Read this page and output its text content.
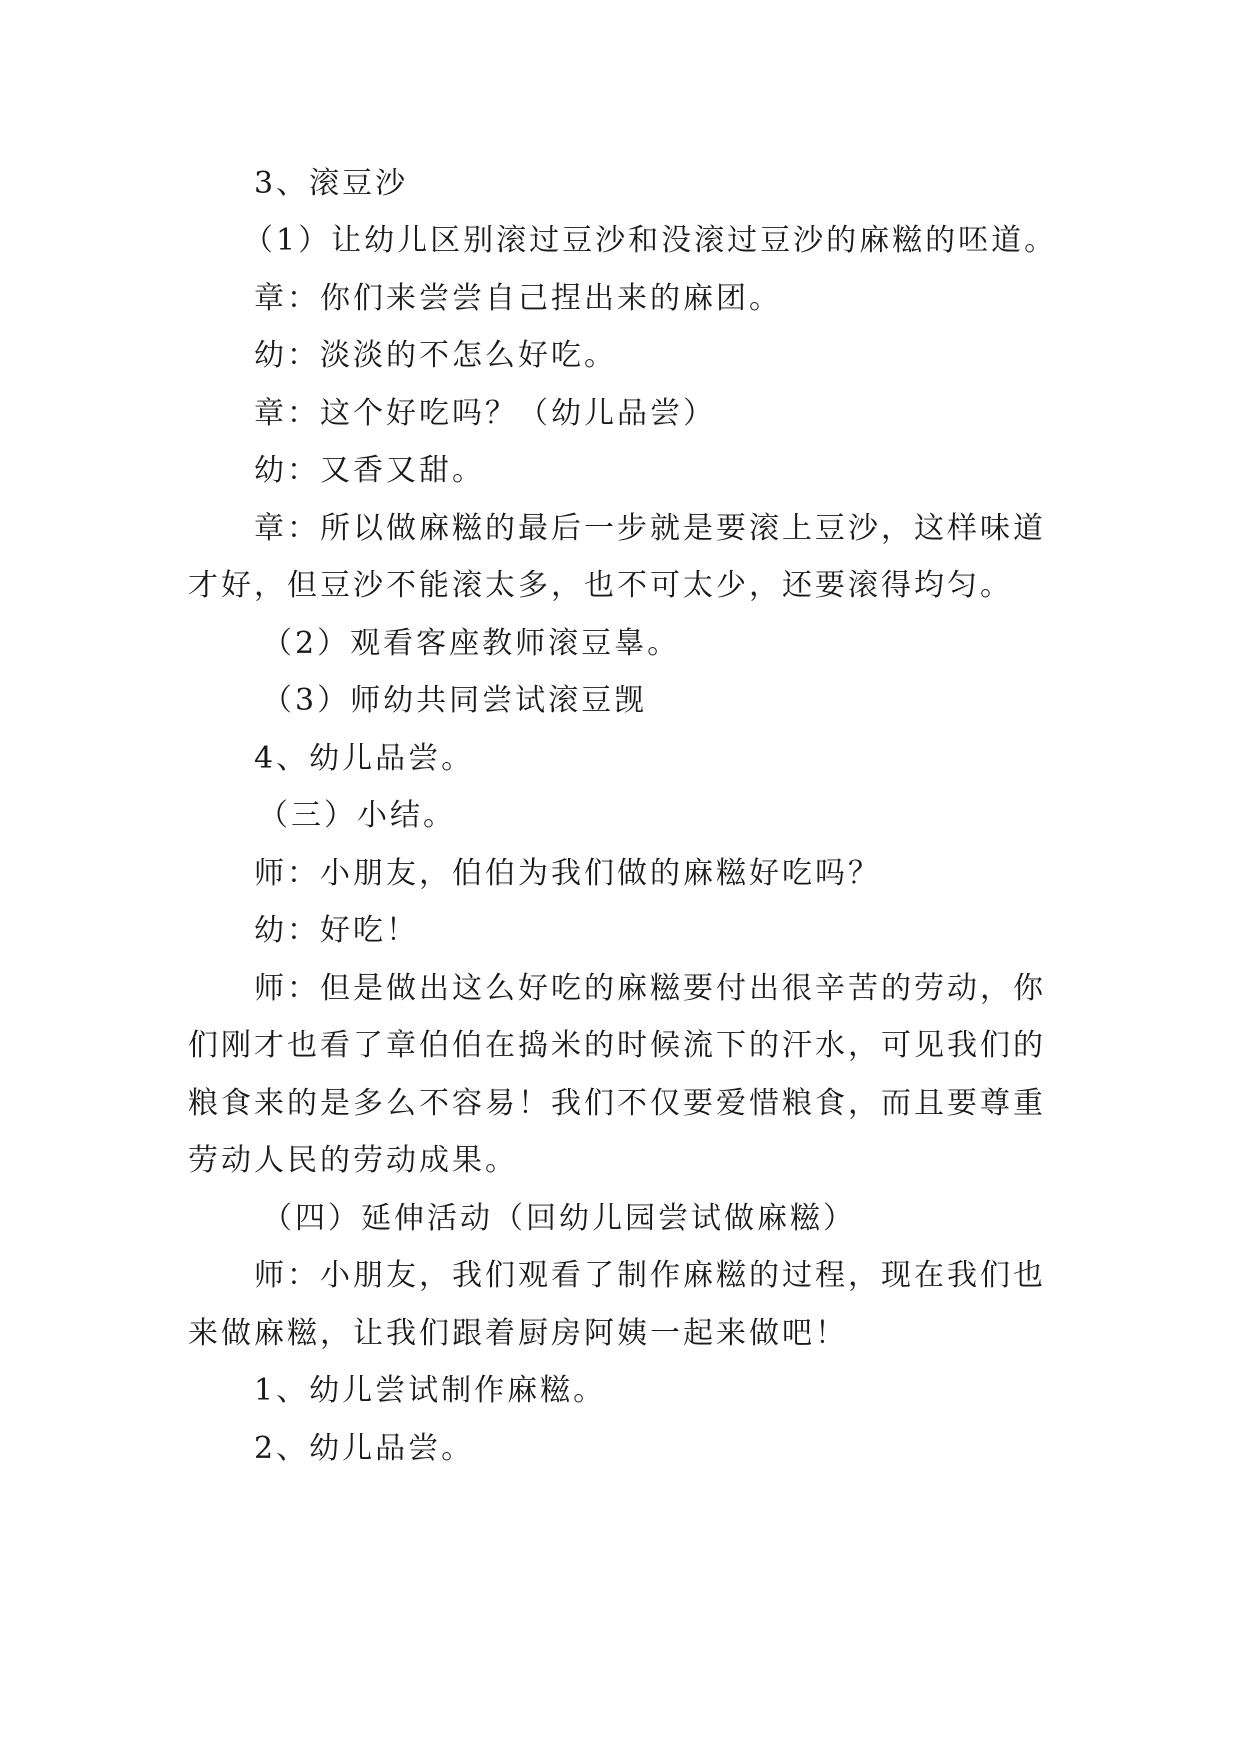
3、滚豆沙
（1）让幼儿区别滚过豆沙和没滚过豆沙的麻糍的呸道。
章：你们来尝尝自己捏出来的麻团。
幼：淡淡的不怎么好吃。
章：这个好吃吗？（幼儿品尝）
幼：又香又甜。
章：所以做麻糍的最后一步就是要滚上豆沙，这样味道
才好，但豆沙不能滚太多，也不可太少，还要滚得均匀。
（2）观看客座教师滚豆辠。
（3）师幼共同尝试滚豆觊
4、幼儿品尝。
（三）小结。
师：小朋友，伯伯为我们做的麻糍好吃吗？
幼：好吃！
师：但是做出这么好吃的麻糍要付出很辛苦的劳动，你
们刚才也看了章伯伯在捣米的时候流下的汗水，可见我们的
粮食来的是多么不容易！我们不仅要爱惜粮食，而且要尊重
劳动人民的劳动成果。
（四）延伸活动（回幼儿园尝试做麻糍）
师：小朋友，我们观看了制作麻糍的过程，现在我们也
来做麻糍，让我们跟着厨房阿姨一起来做吧！
1、幼儿尝试制作麻糍。
2、幼儿品尝。
